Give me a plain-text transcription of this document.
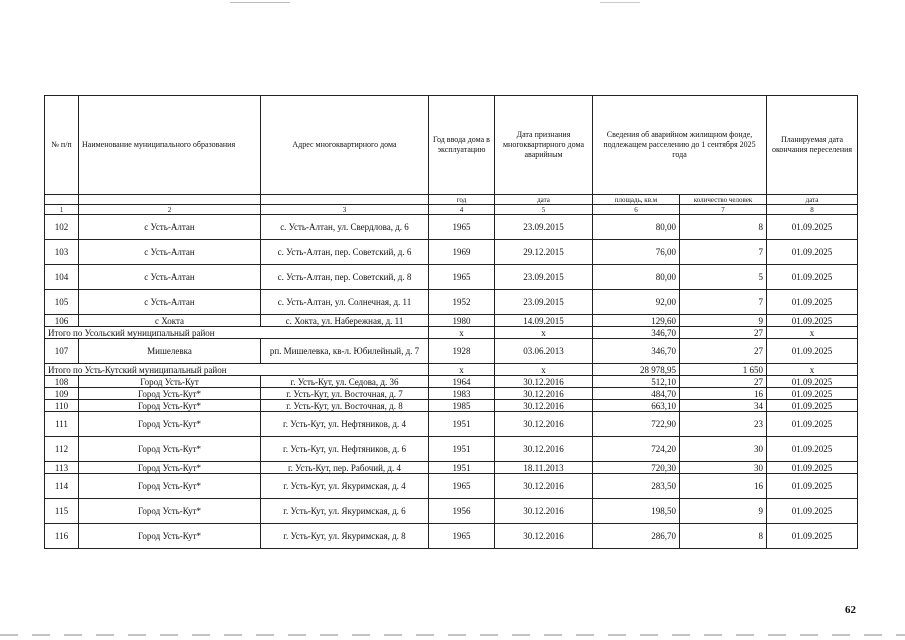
№ п/п	Наименование муниципального образования	Адрес многоквартирного дома	Год ввода дома в эксплуатацию	Дата признания многоквартирного дома аварийным	Сведения об аварийном жилищном фонде, подлежащем расселению до 1 сентября 2025 года		Планируемая дата окончания переселения
			год	дата	площадь, кв.м	количество человек	дата
1	2	3	4	5	6	7	8
102	с Усть-Алтан	с. Усть-Алтан, ул. Свердлова, д. 6	1965	23.09.2015	80,00	8	01.09.2025
103	с Усть-Алтан	с. Усть-Алтан, пер. Советский, д. 6	1969	29.12.2015	76,00	7	01.09.2025
104	с Усть-Алтан	с. Усть-Алтан, пер. Советский, д. 8	1965	23.09.2015	80,00	5	01.09.2025
105	с Усть-Алтан	с. Усть-Алтан, ул. Солнечная, д. 11	1952	23.09.2015	92,00	7	01.09.2025
106	с Хокта	с. Хокта, ул. Набережная, д. 11	1980	14.09.2015	129,60	9	01.09.2025
Итого по Усольский муниципальный район			x	x	346,70	27	x
107	Мишелевка	рп. Мишелевка, кв-л. Юбилейный, д. 7	1928	03.06.2013	346,70	27	01.09.2025
Итого по Усть-Кутский муниципальный район			x	x	28 978,95	1 650	x
108	Город Усть-Кут	г. Усть-Кут, ул. Седова, д. 36	1964	30.12.2016	512,10	27	01.09.2025
109	Город Усть-Кут*	г. Усть-Кут, ул. Восточная, д. 7	1983	30.12.2016	484,70	16	01.09.2025
110	Город Усть-Кут*	г. Усть-Кут, ул. Восточная, д. 8	1985	30.12.2016	663,10	34	01.09.2025
111	Город Усть-Кут*	г. Усть-Кут, ул. Нефтяников, д. 4	1951	30.12.2016	722,90	23	01.09.2025
112	Город Усть-Кут*	г. Усть-Кут, ул. Нефтяников, д. 6	1951	30.12.2016	724,20	30	01.09.2025
113	Город Усть-Кут*	г. Усть-Кут, пер. Рабочий, д. 4	1951	18.11.2013	720,30	30	01.09.2025
114	Город Усть-Кут*	г. Усть-Кут, ул. Якуримская, д. 4	1965	30.12.2016	283,50	16	01.09.2025
115	Город Усть-Кут*	г. Усть-Кут, ул. Якуримская, д. 6	1956	30.12.2016	198,50	9	01.09.2025
116	Город Усть-Кут*	г. Усть-Кут, ул. Якуримская, д. 8	1965	30.12.2016	286,70	8	01.09.2025
62
